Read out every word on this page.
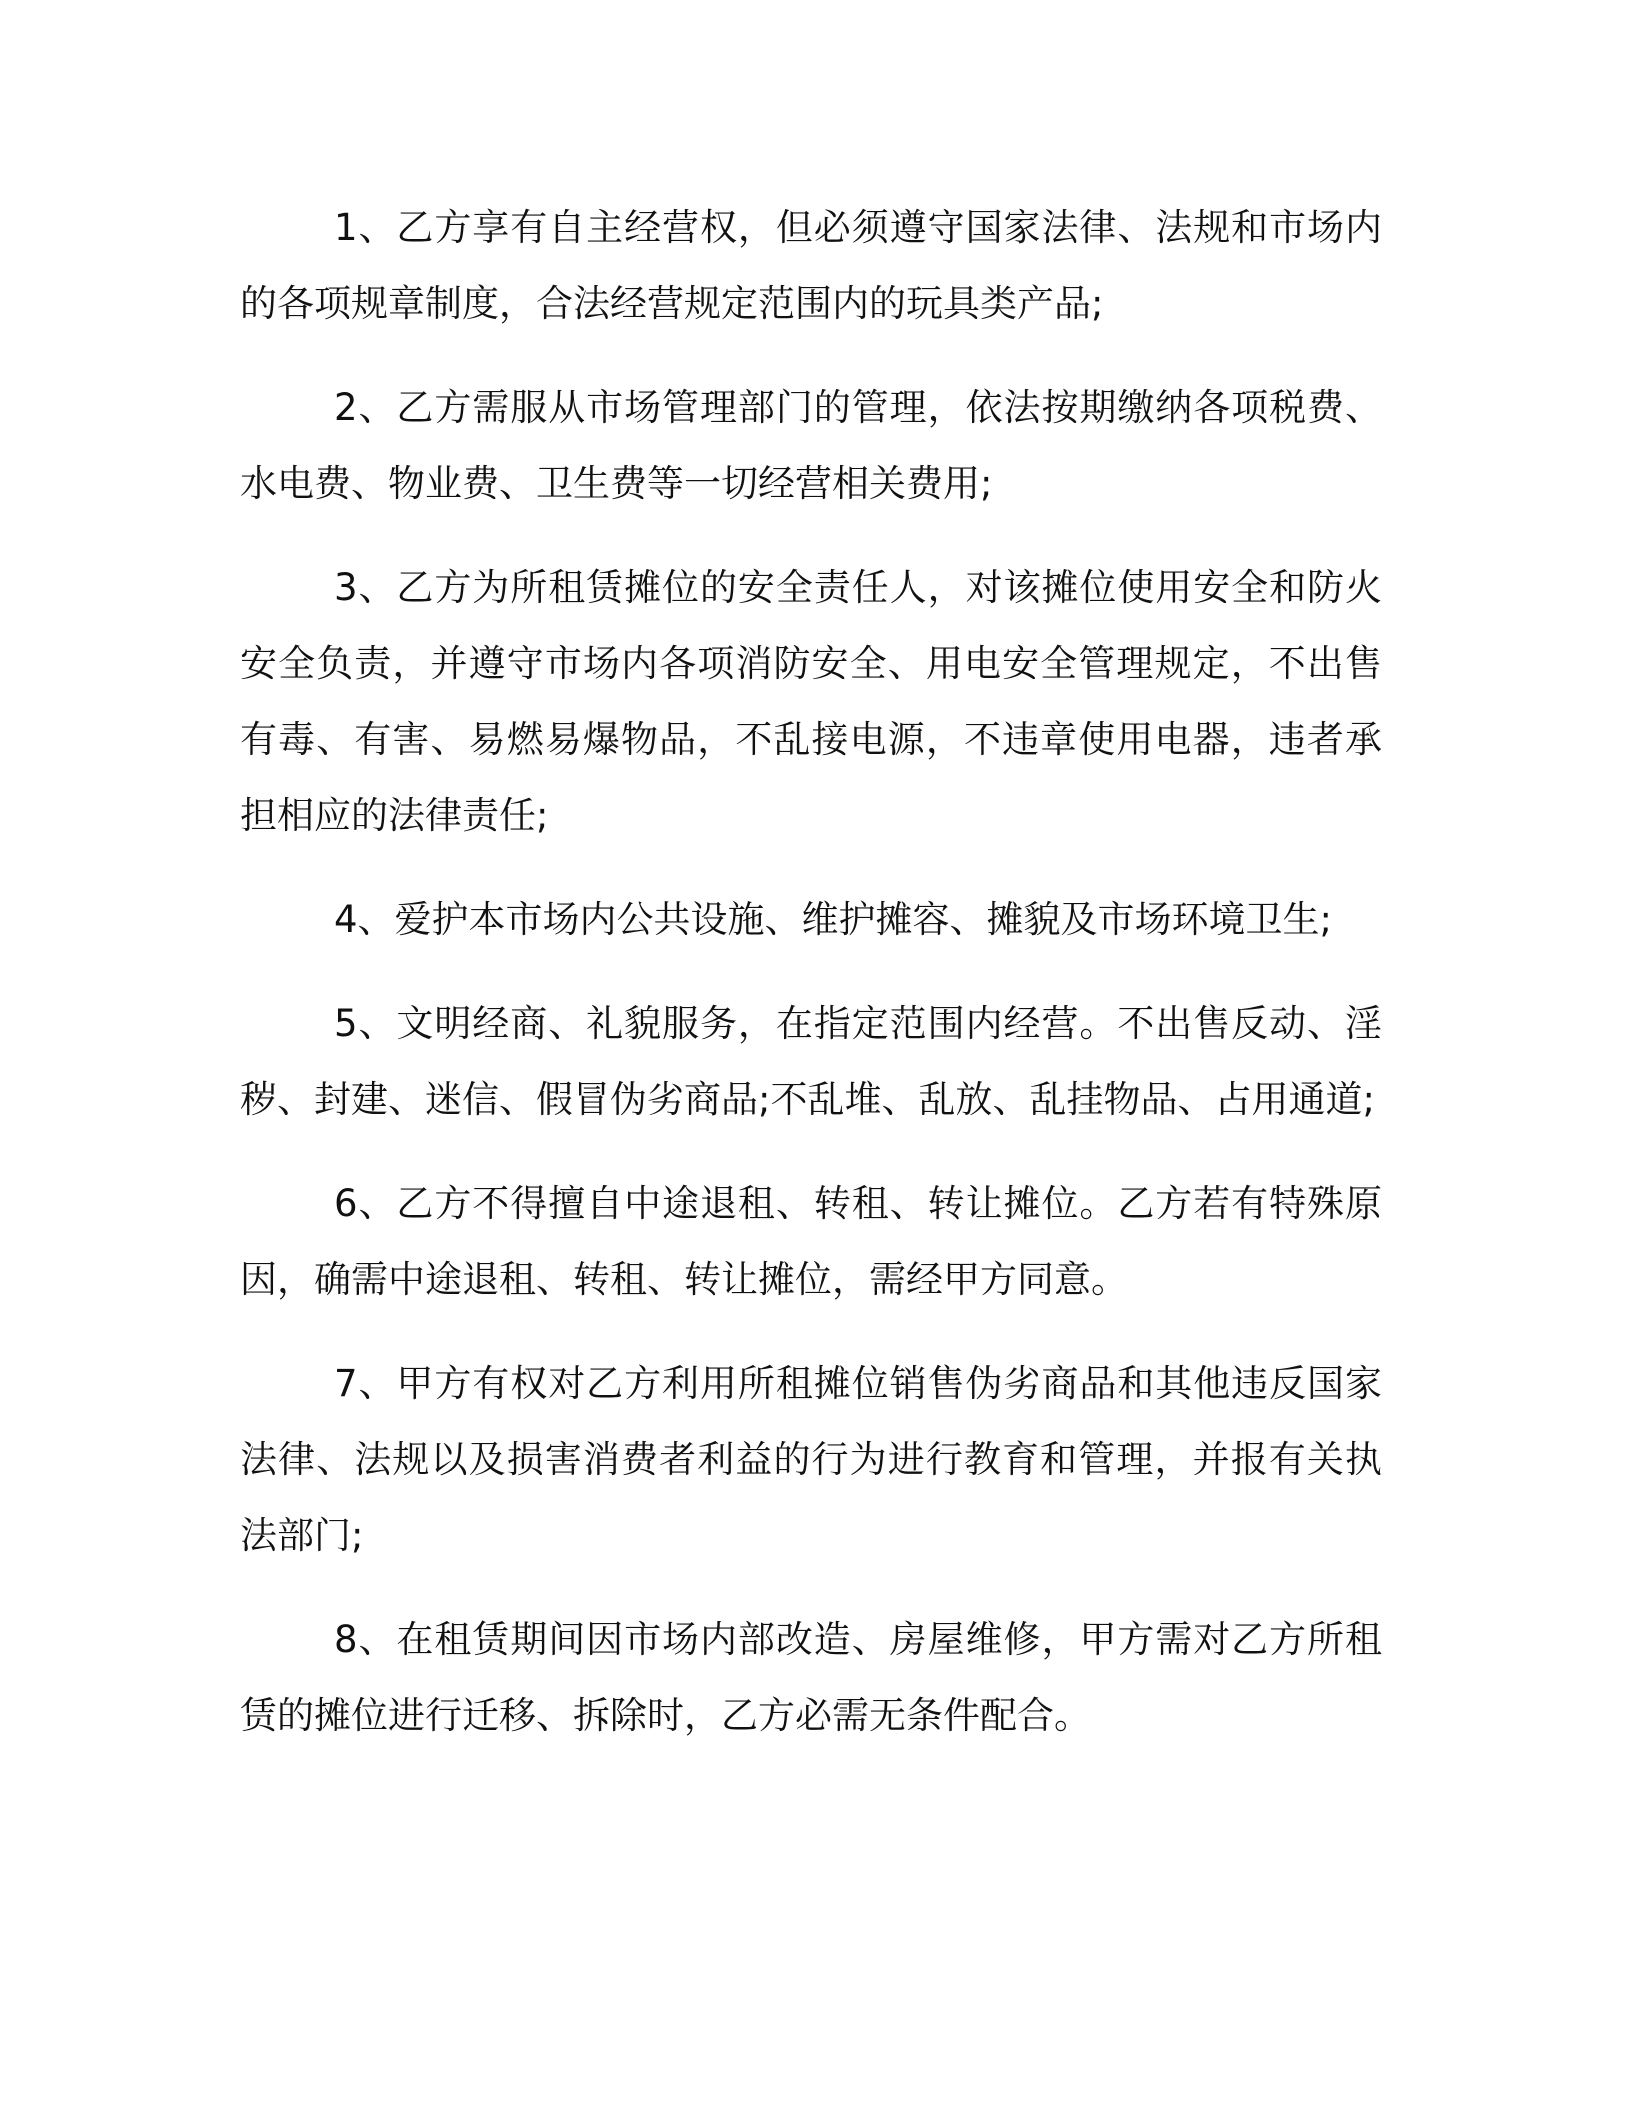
1、乙方享有自主经营权，但必须遵守国家法律、法规和市场内的各项规章制度，合法经营规定范围内的玩具类产品;

2、乙方需服从市场管理部门的管理，依法按期缴纳各项税费、水电费、物业费、卫生费等一切经营相关费用;

3、乙方为所租赁摊位的安全责任人，对该摊位使用安全和防火安全负责，并遵守市场内各项消防安全、用电安全管理规定，不出售有毒、有害、易燃易爆物品，不乱接电源，不违章使用电器，违者承担相应的法律责任;

4、爱护本市场内公共设施、维护摊容、摊貌及市场环境卫生;

5、文明经商、礼貌服务，在指定范围内经营。不出售反动、淫秽、封建、迷信、假冒伪劣商品;不乱堆、乱放、乱挂物品、占用通道;

6、乙方不得擅自中途退租、转租、转让摊位。乙方若有特殊原因，确需中途退租、转租、转让摊位，需经甲方同意。

7、甲方有权对乙方利用所租摊位销售伪劣商品和其他违反国家法律、法规以及损害消费者利益的行为进行教育和管理，并报有关执法部门;

8、在租赁期间因市场内部改造、房屋维修，甲方需对乙方所租赁的摊位进行迁移、拆除时，乙方必需无条件配合。
